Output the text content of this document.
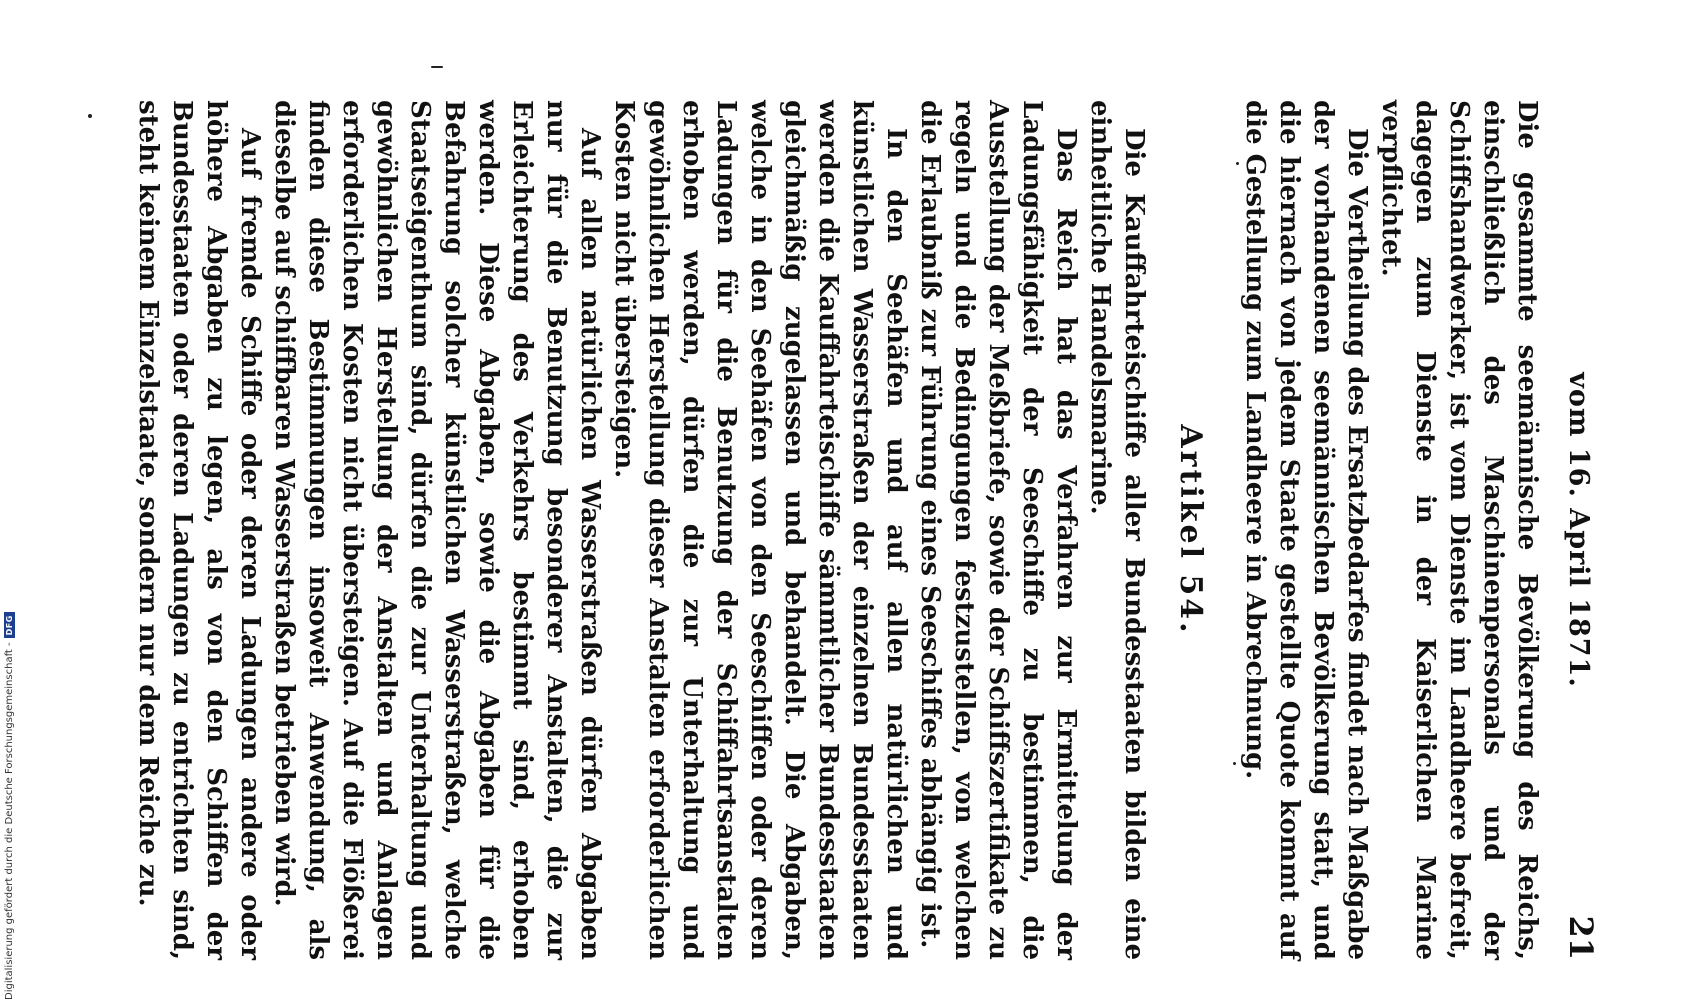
vom 16. April 1871.
21

Die gesammte seemännische Bevölkerung des Reichs, einschließlich des Maschinenpersonals und der Schiffshandwerker, ist vom Dienste im Landheere befreit, dagegen zum Dienste in der Kaiserlichen Marine verpflichtet.

Die Vertheilung des Ersatzbedarfes findet nach Maßgabe der vorhandenen seemännischen Bevölkerung statt, und die hiernach von jedem Staate gestellte Quote kommt auf die Gestellung zum Landheere in Abrechnung.

Artikel 54.

Die Kauffahrteischiffe aller Bundesstaaten bilden eine einheitliche Handelsmarine.

Das Reich hat das Verfahren zur Ermittelung der Ladungsfähigkeit der Seeschiffe zu bestimmen, die Ausstellung der Meßbriefe, sowie der Schiffszertifikate zu regeln und die Bedingungen festzustellen, von welchen die Erlaubniß zur Führung eines Seeschiffes abhängig ist.

In den Seehäfen und auf allen natürlichen und künstlichen Wasserstraßen der einzelnen Bundesstaaten werden die Kauffahrteischiffe sämmtlicher Bundesstaaten gleichmäßig zugelassen und behandelt. Die Abgaben, welche in den Seehäfen von den Seeschiffen oder deren Ladungen für die Benutzung der Schiffahrtsanstalten erhoben werden, dürfen die zur Unterhaltung und gewöhnlichen Herstellung dieser Anstalten erforderlichen Kosten nicht übersteigen.

Auf allen natürlichen Wasserstraßen dürfen Abgaben nur für die Benutzung besonderer Anstalten, die zur Erleichterung des Verkehrs bestimmt sind, erhoben werden. Diese Abgaben, sowie die Abgaben für die Befahrung solcher künstlichen Wasserstraßen, welche Staatseigenthum sind, dürfen die zur Unterhaltung und gewöhnlichen Herstellung der Anstalten und Anlagen erforderlichen Kosten nicht übersteigen. Auf die Flößerei finden diese Bestimmungen insoweit Anwendung, als dieselbe auf schiffbaren Wasserstraßen betrieben wird.

Auf fremde Schiffe oder deren Ladungen andere oder höhere Abgaben zu legen, als von den Schiffen der Bundesstaaten oder deren Ladungen zu entrichten sind, steht keinem Einzelstaate, sondern nur dem Reiche zu.

Digitalisierung gefördert durch die Deutsche Forschungsgemeinschaft -
DFG
